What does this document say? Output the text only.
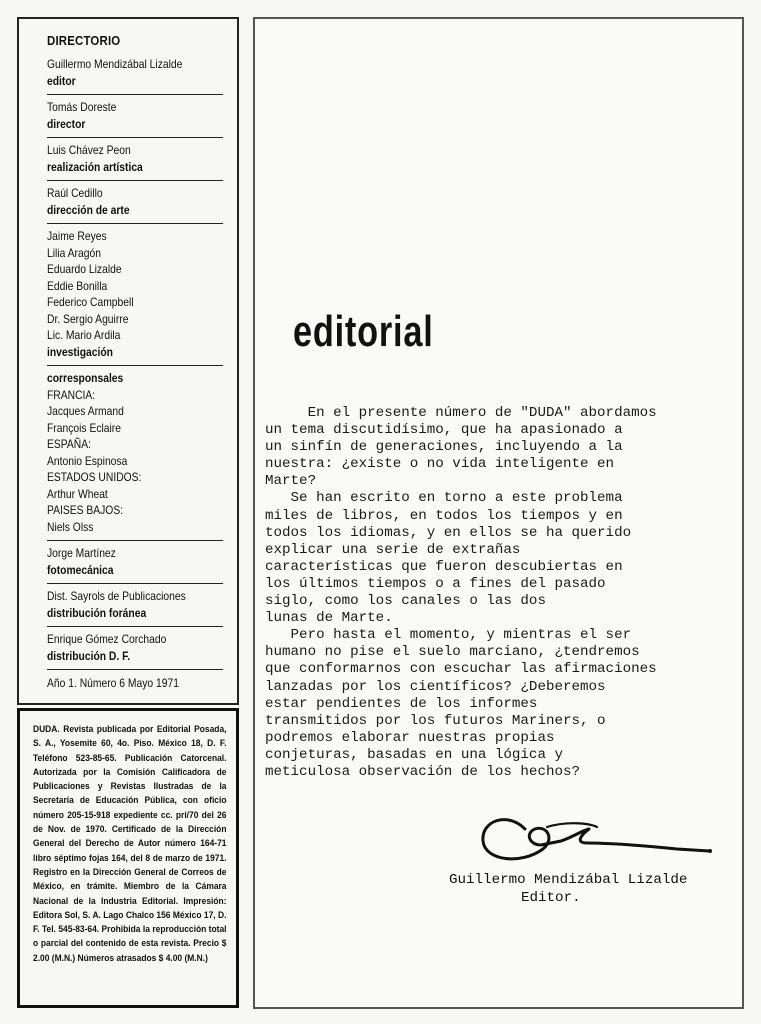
DIRECTORIO
Guillermo Mendizábal Lizalde
editor
Tomás Doreste
director
Luis Chávez Peon
realización artística
Raúl Cedillo
dirección de arte
Jaime Reyes
Lilia Aragón
Eduardo Lizalde
Eddie Bonilla
Federico Campbell
Dr. Sergio Aguirre
Lic. Mario Ardila
investigación
corresponsales
FRANCIA:
Jacques Armand
François Eclaire
ESPAÑA:
Antonio Espinosa
ESTADOS UNIDOS:
Arthur Wheat
PAISES BAJOS:
Niels Olss
Jorge Martínez
fotomecánica
Dist. Sayrols de Publicaciones
distribución foránea
Enrique Gómez Corchado
distribución D. F.
Año 1. Número 6 Mayo 1971
DUDA. Revista publicada por Editorial Posada, S. A., Yosemite 60, 4o. Piso. México 18, D. F. Teléfono 523-85-65. Publicación Catorcenal. Autorizada por la Comisión Calificadora de Publicaciones y Revistas Ilustradas de la Secretaría de Educación Pública, con oficio número 205-15-918 expediente cc. pri/70 del 26 de Nov. de 1970. Certificado de la Dirección General del Derecho de Autor número 164-71 libro séptimo fojas 164, del 8 de marzo de 1971. Registro en la Dirección General de Correos de México, en trámite. Miembro de la Cámara Nacional de la Industria Editorial. Impresión: Editora Sol, S. A. Lago Chalco 156 México 17, D. F. Tel. 545-83-64. Prohibida la reproducción total o parcial del contenido de esta revista. Precio $ 2.00 (M.N.) Números atrasados $ 4.00 (M.N.)
editorial
En el presente número de "DUDA" abordamos
un tema discutidísimo, que ha apasionado a
un sinfín de generaciones, incluyendo a la
nuestra: ¿existe o no vida inteligente en
Marte?
Se han escrito en torno a este problema
miles de libros, en todos los tiempos y en
todos los idiomas, y en ellos se ha querido
explicar una serie de extrañas
características que fueron descubiertas en
los últimos tiempos o a fines del pasado
siglo, como los canales o las dos
lunas de Marte.
Pero hasta el momento, y mientras el ser
humano no pise el suelo marciano, ¿tendremos
que conformarnos con escuchar las afirmaciones
lanzadas por los científicos? ¿Deberemos
estar pendientes de los informes
transmitidos por los futuros Mariners, o
podremos elaborar nuestras propias
conjeturas, basadas en una lógica y
meticulosa observación de los hechos?
Guillermo Mendizábal Lizalde
Editor.
